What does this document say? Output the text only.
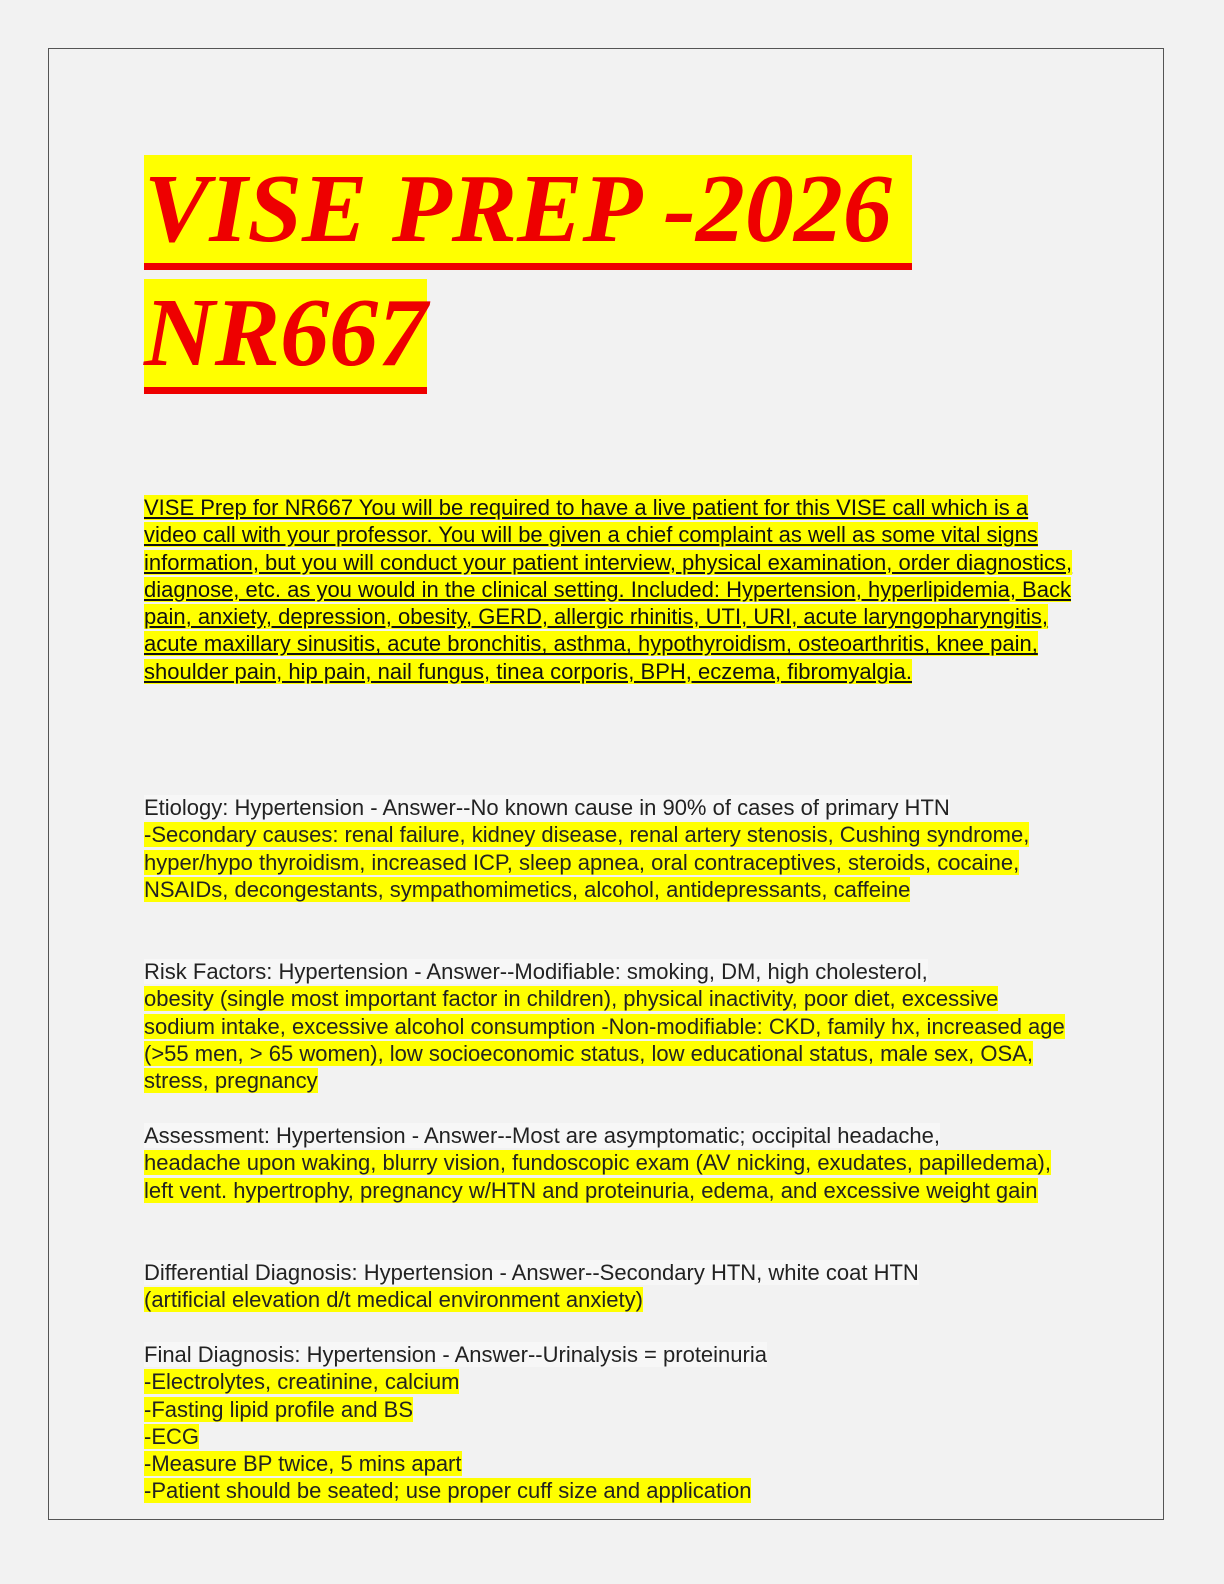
VISE PREP -2026
NR667

VISE Prep for NR667 You will be required to have a live patient for this VISE call which is a video call with your professor. You will be given a chief complaint as well as some vital signs information, but you will conduct your patient interview, physical examination, order diagnostics, diagnose, etc. as you would in the clinical setting. Included: Hypertension, hyperlipidemia, Back pain, anxiety, depression, obesity, GERD, allergic rhinitis, UTI, URI, acute laryngopharyngitis, acute maxillary sinusitis, acute bronchitis, asthma, hypothyroidism, osteoarthritis, knee pain, shoulder pain, hip pain, nail fungus, tinea corporis, BPH, eczema, fibromyalgia.

Etiology: Hypertension - Answer--No known cause in 90% of cases of primary HTN
-Secondary causes: renal failure, kidney disease, renal artery stenosis, Cushing syndrome, hyper/hypo thyroidism, increased ICP, sleep apnea, oral contraceptives, steroids, cocaine, NSAIDs, decongestants, sympathomimetics, alcohol, antidepressants, caffeine

Risk Factors: Hypertension - Answer--Modifiable: smoking, DM, high cholesterol,
obesity (single most important factor in children), physical inactivity, poor diet, excessive sodium intake, excessive alcohol consumption -Non-modifiable: CKD, family hx, increased age (>55 men, > 65 women), low socioeconomic status, low educational status, male sex, OSA, stress, pregnancy

Assessment: Hypertension - Answer--Most are asymptomatic; occipital headache,
headache upon waking, blurry vision, fundoscopic exam (AV nicking, exudates, papilledema), left vent. hypertrophy, pregnancy w/HTN and proteinuria, edema, and excessive weight gain

Differential Diagnosis: Hypertension - Answer--Secondary HTN, white coat HTN
(artificial elevation d/t medical environment anxiety)

Final Diagnosis: Hypertension - Answer--Urinalysis = proteinuria
-Electrolytes, creatinine, calcium
-Fasting lipid profile and BS
-ECG
-Measure BP twice, 5 mins apart
-Patient should be seated; use proper cuff size and application
